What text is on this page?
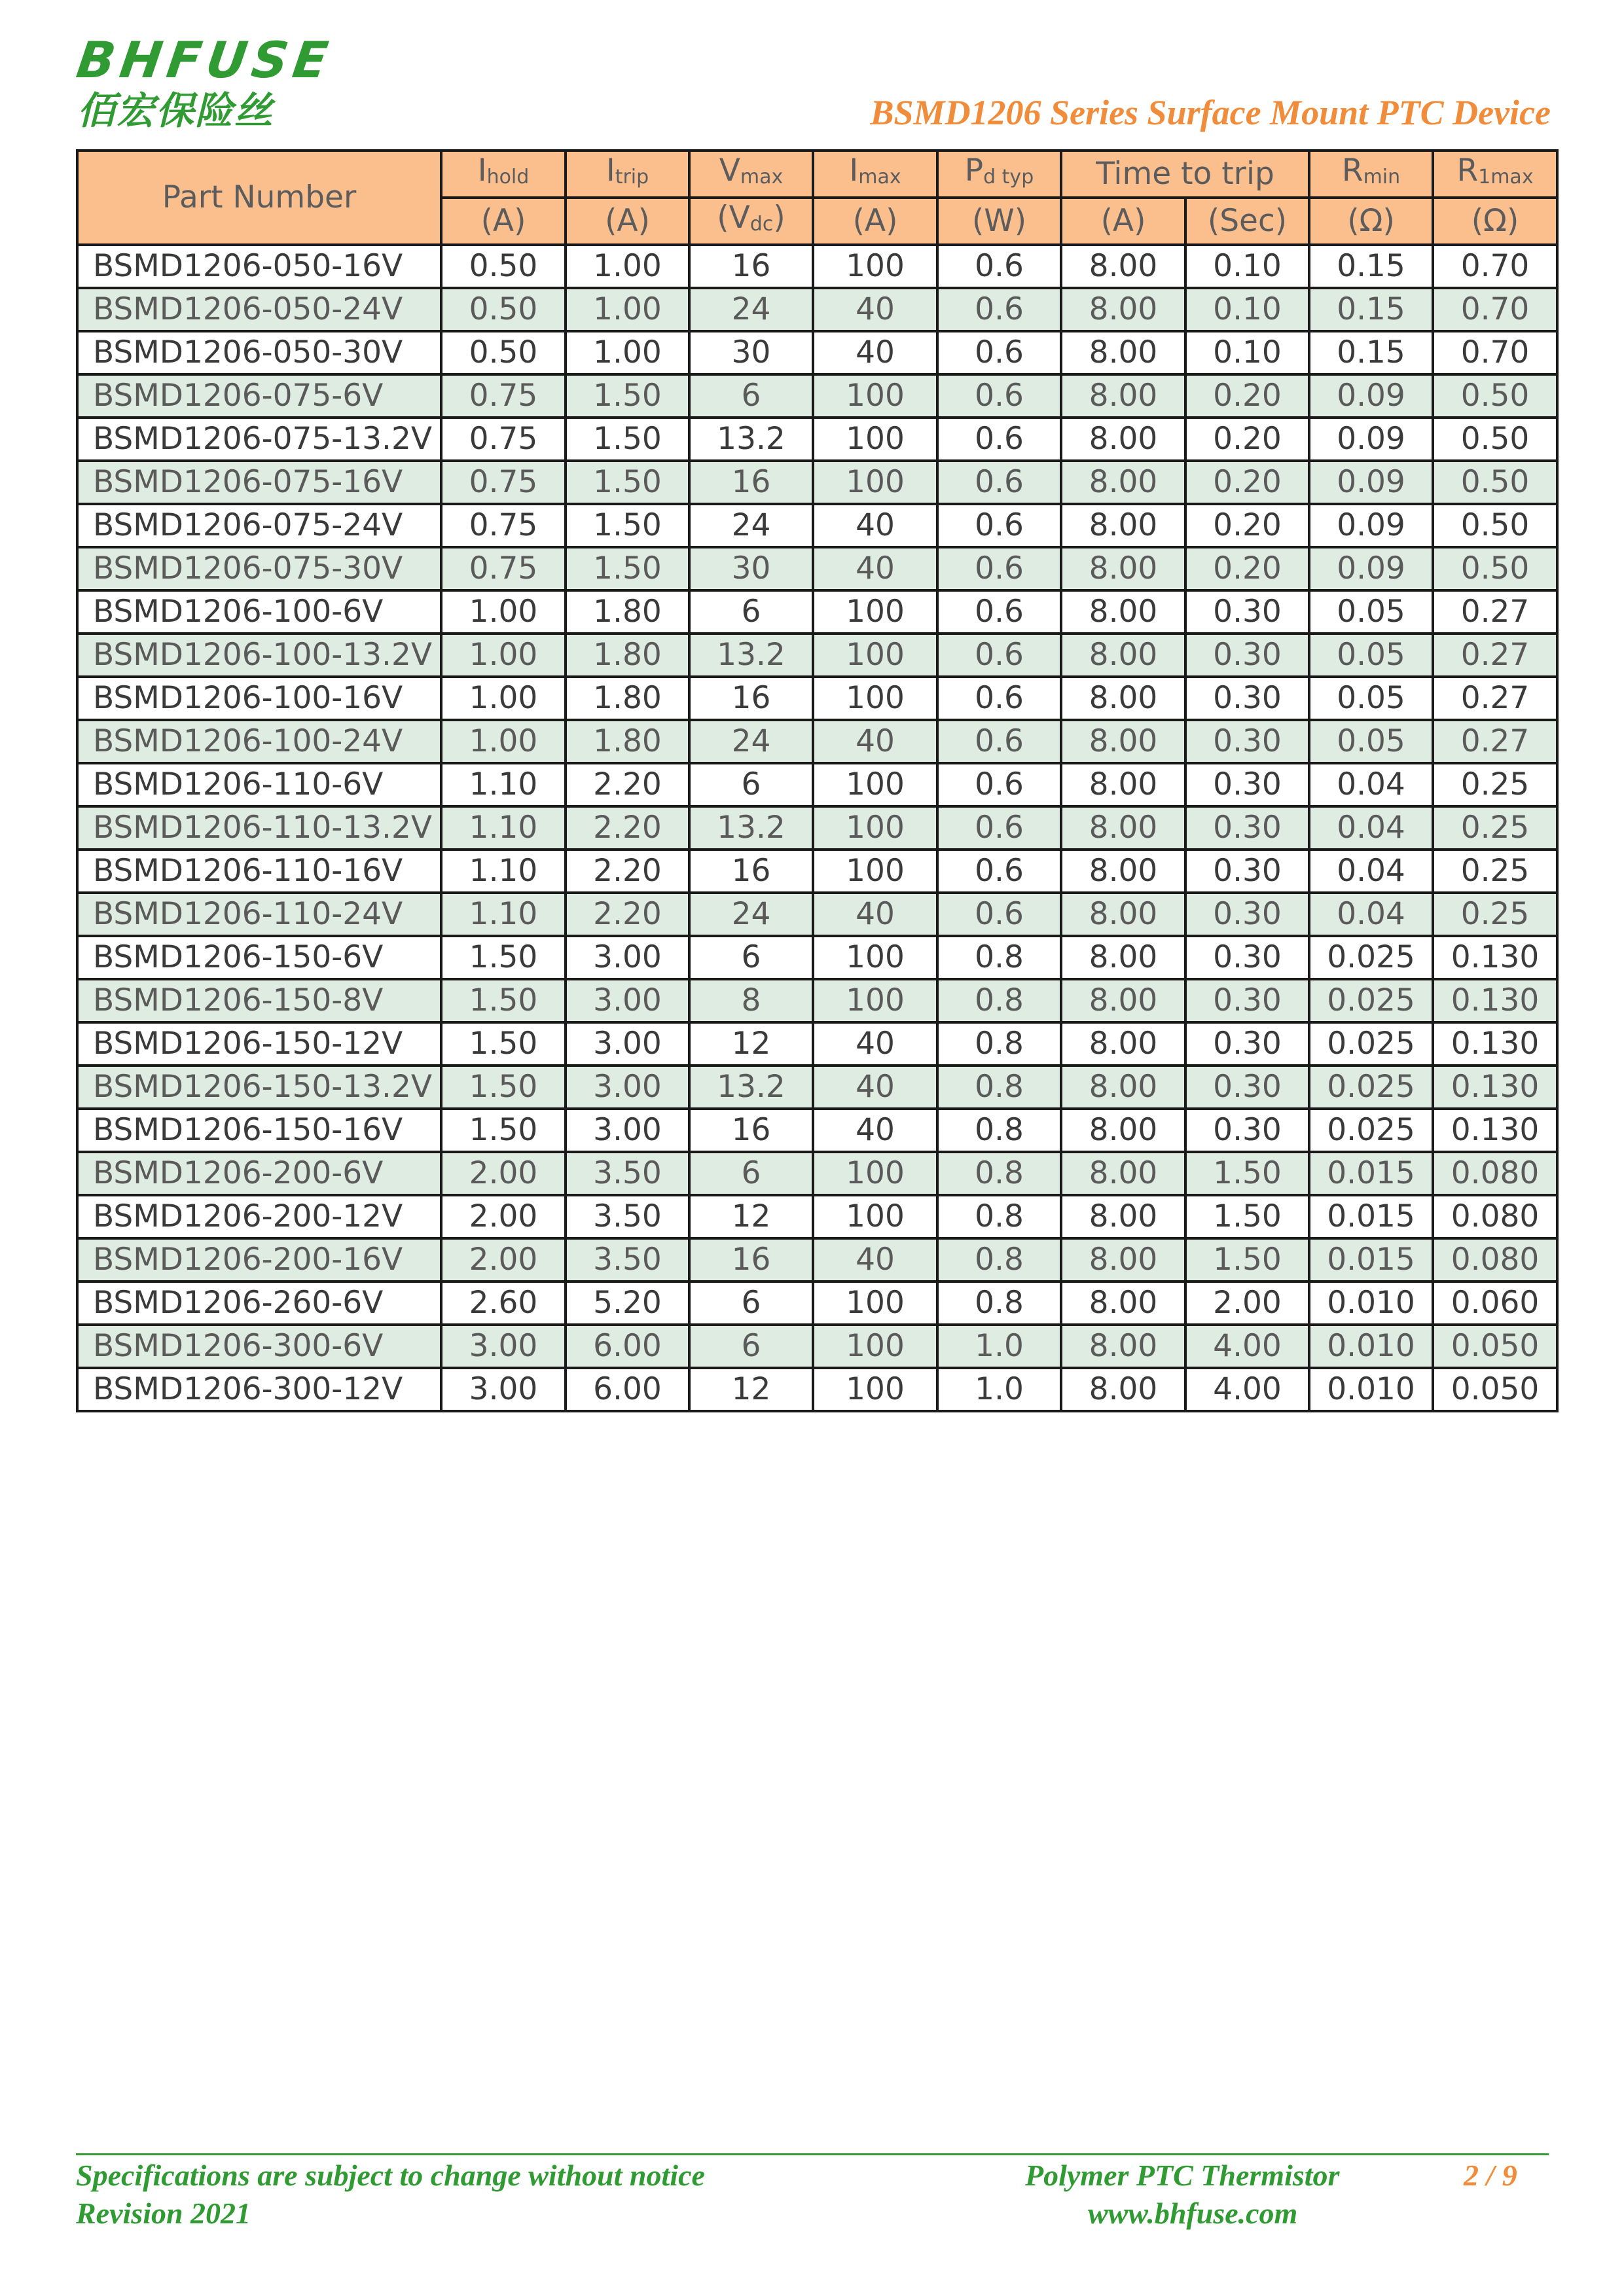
BHFUSE
佰宏保险丝	BSMD1206 Series Surface Mount PTC Device
Part Number	$I_{hold}$	$I_{trip}$	$V_{max}$	$I_{max}$	$P_{d typ}$	Time to trip		$R_{min}$	$R_{1max}$
	(A)	(A)	$(V_{dc})$	(A)	(W)	(A)	(Sec)	(Ω)	(Ω)
BSMD1206-050-16V	0.50	1.00	16	100	0.6	8.00	0.10	0.15	0.70
BSMD1206-050-24V	0.50	1.00	24	40	0.6	8.00	0.10	0.15	0.70
BSMD1206-050-30V	0.50	1.00	30	40	0.6	8.00	0.10	0.15	0.70
BSMD1206-075-6V	0.75	1.50	6	100	0.6	8.00	0.20	0.09	0.50
BSMD1206-075-13.2V	0.75	1.50	13.2	100	0.6	8.00	0.20	0.09	0.50
BSMD1206-075-16V	0.75	1.50	16	100	0.6	8.00	0.20	0.09	0.50
BSMD1206-075-24V	0.75	1.50	24	40	0.6	8.00	0.20	0.09	0.50
BSMD1206-075-30V	0.75	1.50	30	40	0.6	8.00	0.20	0.09	0.50
BSMD1206-100-6V	1.00	1.80	6	100	0.6	8.00	0.30	0.05	0.27
BSMD1206-100-13.2V	1.00	1.80	13.2	100	0.6	8.00	0.30	0.05	0.27
BSMD1206-100-16V	1.00	1.80	16	100	0.6	8.00	0.30	0.05	0.27
BSMD1206-100-24V	1.00	1.80	24	40	0.6	8.00	0.30	0.05	0.27
BSMD1206-110-6V	1.10	2.20	6	100	0.6	8.00	0.30	0.04	0.25
BSMD1206-110-13.2V	1.10	2.20	13.2	100	0.6	8.00	0.30	0.04	0.25
BSMD1206-110-16V	1.10	2.20	16	100	0.6	8.00	0.30	0.04	0.25
BSMD1206-110-24V	1.10	2.20	24	40	0.6	8.00	0.30	0.04	0.25
BSMD1206-150-6V	1.50	3.00	6	100	0.8	8.00	0.30	0.025	0.130
BSMD1206-150-8V	1.50	3.00	8	100	0.8	8.00	0.30	0.025	0.130
BSMD1206-150-12V	1.50	3.00	12	40	0.8	8.00	0.30	0.025	0.130
BSMD1206-150-13.2V	1.50	3.00	13.2	40	0.8	8.00	0.30	0.025	0.130
BSMD1206-150-16V	1.50	3.00	16	40	0.8	8.00	0.30	0.025	0.130
BSMD1206-200-6V	2.00	3.50	6	100	0.8	8.00	1.50	0.015	0.080
BSMD1206-200-12V	2.00	3.50	12	100	0.8	8.00	1.50	0.015	0.080
BSMD1206-200-16V	2.00	3.50	16	40	0.8	8.00	1.50	0.015	0.080
BSMD1206-260-6V	2.60	5.20	6	100	0.8	8.00	2.00	0.010	0.060
BSMD1206-300-6V	3.00	6.00	6	100	1.0	8.00	4.00	0.010	0.050
BSMD1206-300-12V	3.00	6.00	12	100	1.0	8.00	4.00	0.010	0.050
Specifications are subject to change without notice
Revision 2021
Polymer PTC Thermistor
www.bhfuse.com
2 / 9
